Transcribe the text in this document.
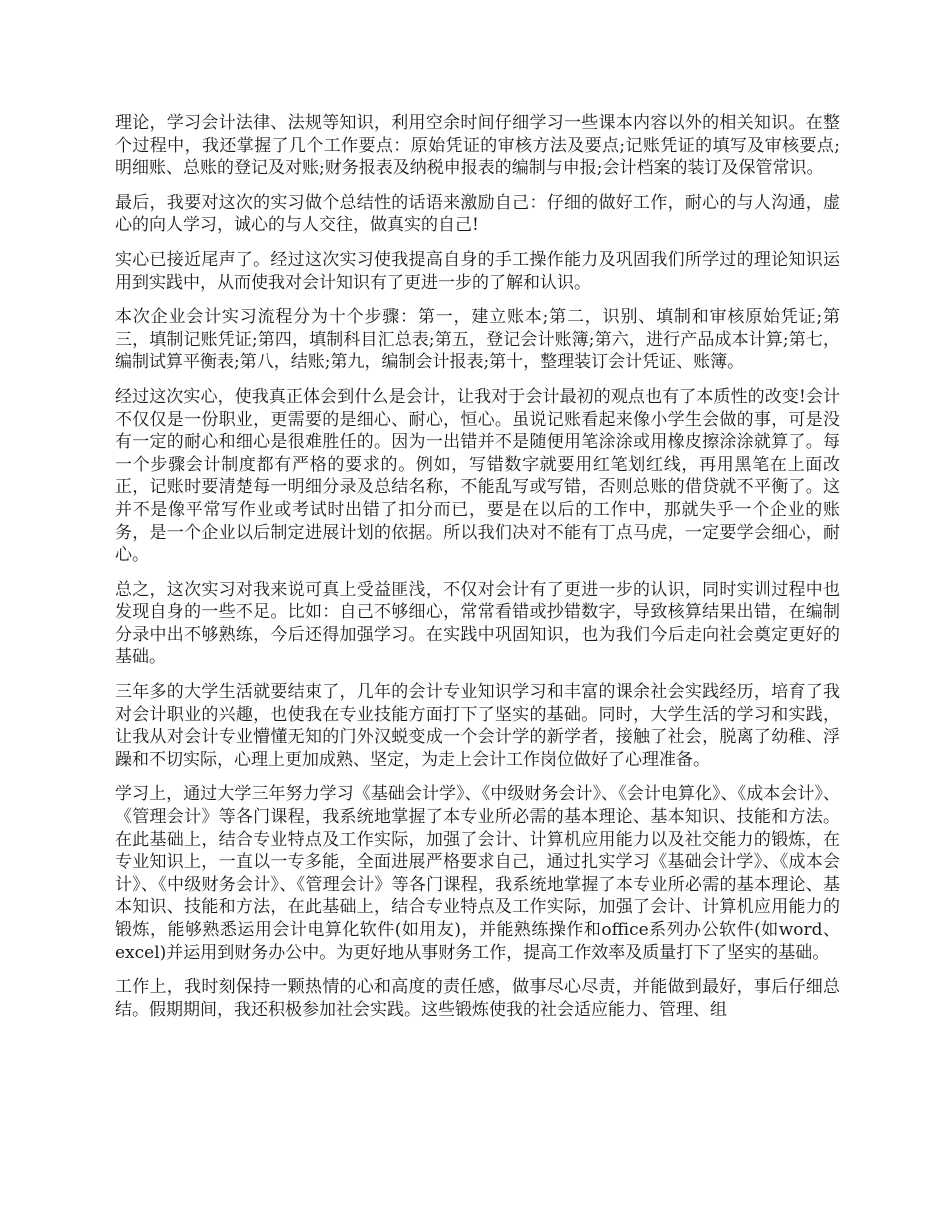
理论，学习会计法律、法规等知识，利用空余时间仔细学习一些课本内容以外的相关知识。在整个过程中，我还掌握了几个工作要点：原始凭证的审核方法及要点;记账凭证的填写及审核要点;明细账、总账的登记及对账;财务报表及纳税申报表的编制与申报;会计档案的装订及保管常识。

最后，我要对这次的实习做个总结性的话语来激励自己：仔细的做好工作，耐心的与人沟通，虚心的向人学习，诚心的与人交往，做真实的自己!

实心已接近尾声了。经过这次实习使我提高自身的手工操作能力及巩固我们所学过的理论知识运用到实践中，从而使我对会计知识有了更进一步的了解和认识。

本次企业会计实习流程分为十个步骤：第一，建立账本;第二，识别、填制和审核原始凭证;第三，填制记账凭证;第四，填制科目汇总表;第五，登记会计账簿;第六，进行产品成本计算;第七，编制试算平衡表;第八，结账;第九，编制会计报表;第十，整理装订会计凭证、账簿。

经过这次实心，使我真正体会到什么是会计，让我对于会计最初的观点也有了本质性的改变!会计不仅仅是一份职业，更需要的是细心、耐心，恒心。虽说记账看起来像小学生会做的事，可是没有一定的耐心和细心是很难胜任的。因为一出错并不是随便用笔涂涂或用橡皮擦涂涂就算了。每一个步骤会计制度都有严格的要求的。例如，写错数字就要用红笔划红线，再用黑笔在上面改正，记账时要清楚每一明细分录及总结名称，不能乱写或写错，否则总账的借贷就不平衡了。这并不是像平常写作业或考试时出错了扣分而已，要是在以后的工作中，那就失乎一个企业的账务，是一个企业以后制定进展计划的依据。所以我们决对不能有丁点马虎，一定要学会细心，耐心。

总之，这次实习对我来说可真上受益匪浅，不仅对会计有了更进一步的认识，同时实训过程中也发现自身的一些不足。比如：自己不够细心，常常看错或抄错数字，导致核算结果出错，在编制分录中出不够熟练，今后还得加强学习。在实践中巩固知识，也为我们今后走向社会奠定更好的基础。

三年多的大学生活就要结束了，几年的会计专业知识学习和丰富的课余社会实践经历，培育了我对会计职业的兴趣，也使我在专业技能方面打下了坚实的基础。同时，大学生活的学习和实践，让我从对会计专业懵懂无知的门外汉蜕变成一个会计学的新学者，接触了社会，脱离了幼稚、浮躁和不切实际，心理上更加成熟、坚定，为走上会计工作岗位做好了心理准备。

学习上，通过大学三年努力学习《基础会计学》、《中级财务会计》、《会计电算化》、《成本会计》、《管理会计》等各门课程，我系统地掌握了本专业所必需的基本理论、基本知识、技能和方法。在此基础上，结合专业特点及工作实际，加强了会计、计算机应用能力以及社交能力的锻炼，在专业知识上，一直以一专多能，全面进展严格要求自己，通过扎实学习《基础会计学》、《成本会计》、《中级财务会计》、《管理会计》等各门课程，我系统地掌握了本专业所必需的基本理论、基本知识、技能和方法，在此基础上，结合专业特点及工作实际，加强了会计、计算机应用能力的锻炼，能够熟悉运用会计电算化软件(如用友)，并能熟练操作和office系列办公软件(如word、excel)并运用到财务办公中。为更好地从事财务工作，提高工作效率及质量打下了坚实的基础。

工作上，我时刻保持一颗热情的心和高度的责任感，做事尽心尽责，并能做到最好，事后仔细总结。假期期间，我还积极参加社会实践。这些锻炼使我的社会适应能力、管理、组
